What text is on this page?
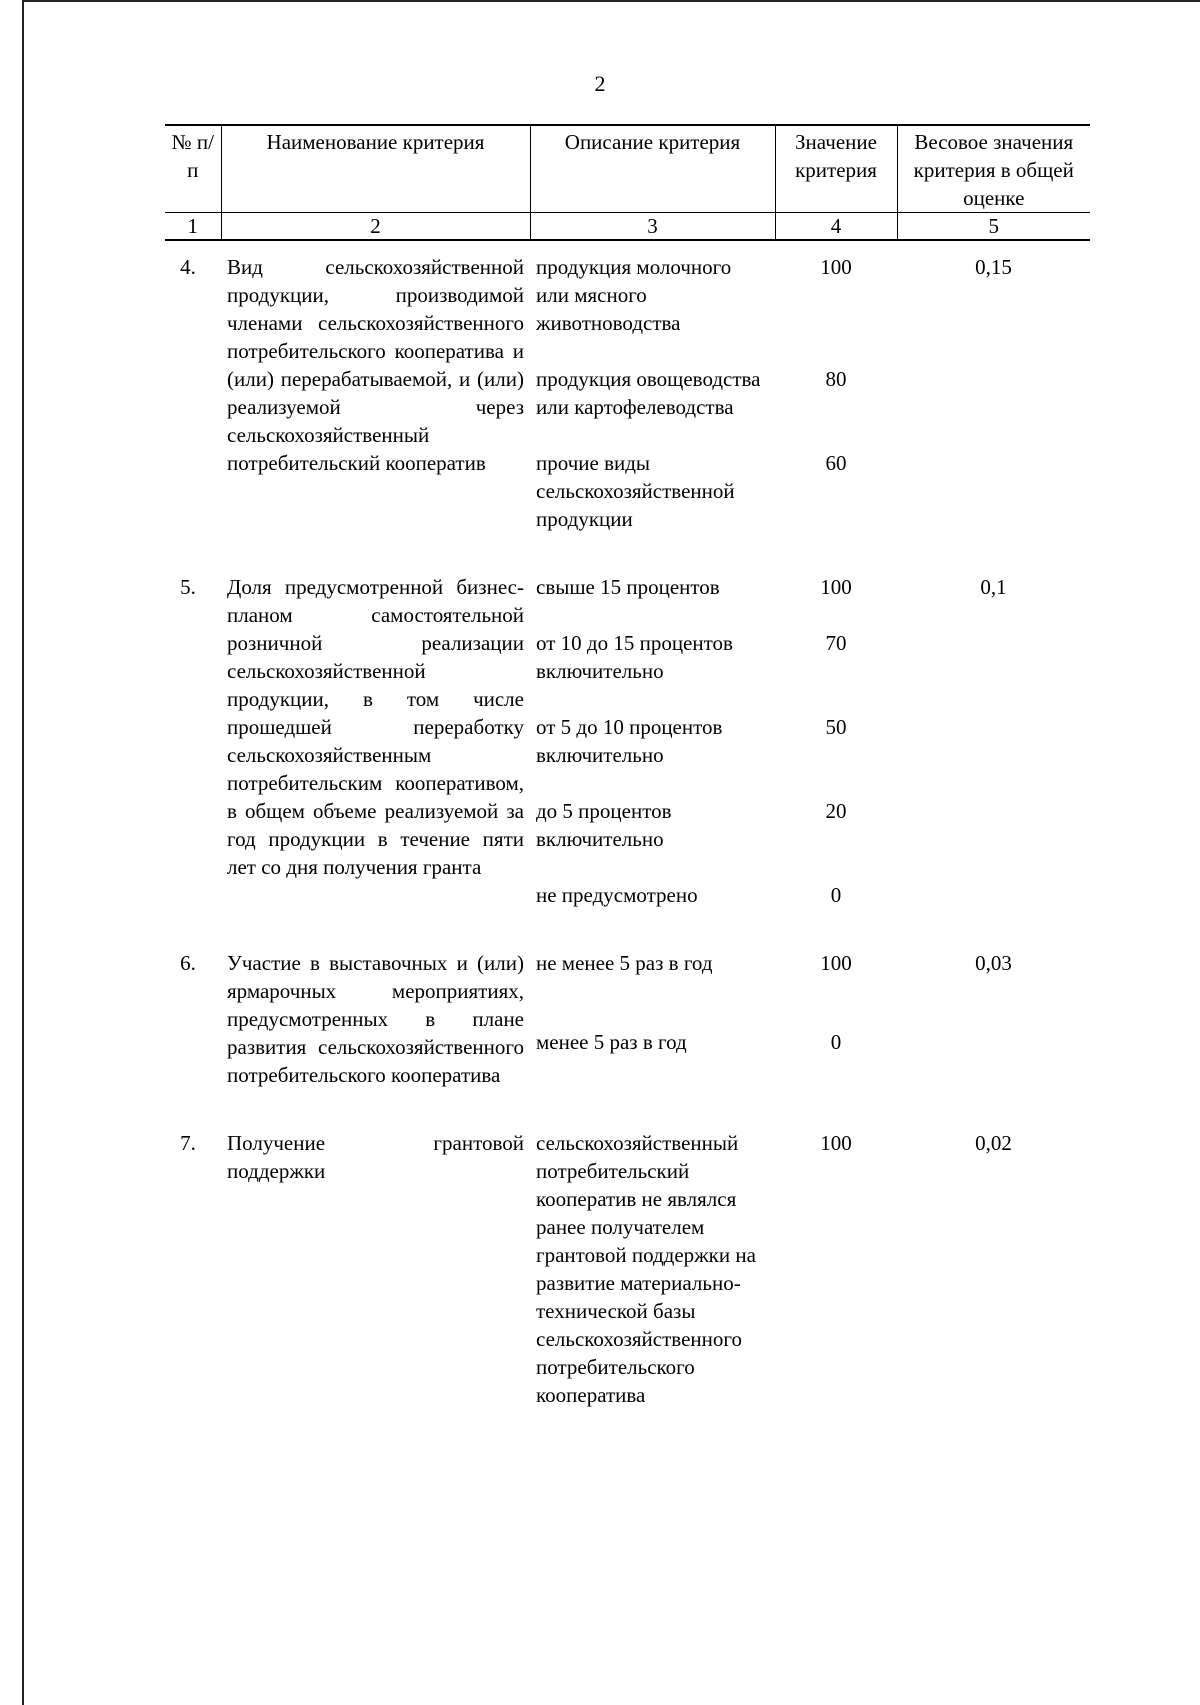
2
№ п/п	Наименование критерия	Описание критерия	Значение критерия	Весовое значения критерия в общей оценке
1	2	3	4	5
4.	Вид сельскохозяйственной продукции, производимой членами сельскохозяйственного потребительского кооператива и (или) перерабатываемой, и (или) реализуемой через сельскохозяйственный потребительский кооператив	продукция молочного или мясного животноводства	100	0,15
		продукция овощеводства или картофелеводства	80	
		прочие виды сельскохозяйственной продукции	60	

5.	Доля предусмотренной бизнес-планом самостоятельной розничной реализации сельскохозяйственной продукции, в том числе прошедшей переработку сельскохозяйственным потребительским кооперативом, в общем объеме реализуемой за год продукции в течение пяти лет со дня получения гранта	свыше 15 процентов	100	0,1
		от 10 до 15 процентов включительно	70	
		от 5 до 10 процентов включительно	50	
		до 5 процентов включительно	20	
		не предусмотрено	0	

6.	Участие в выставочных и (или) ярмарочных мероприятиях, предусмотренных в плане развития сельскохозяйственного потребительского кооператива	не менее 5 раз в год	100	0,03
		менее 5 раз в год	0	

7.	Получение грантовой поддержки	сельскохозяйственный потребительский кооператив не являлся ранее получателем грантовой поддержки на развитие материально-технической базы сельскохозяйственного потребительского кооператива	100	0,02
